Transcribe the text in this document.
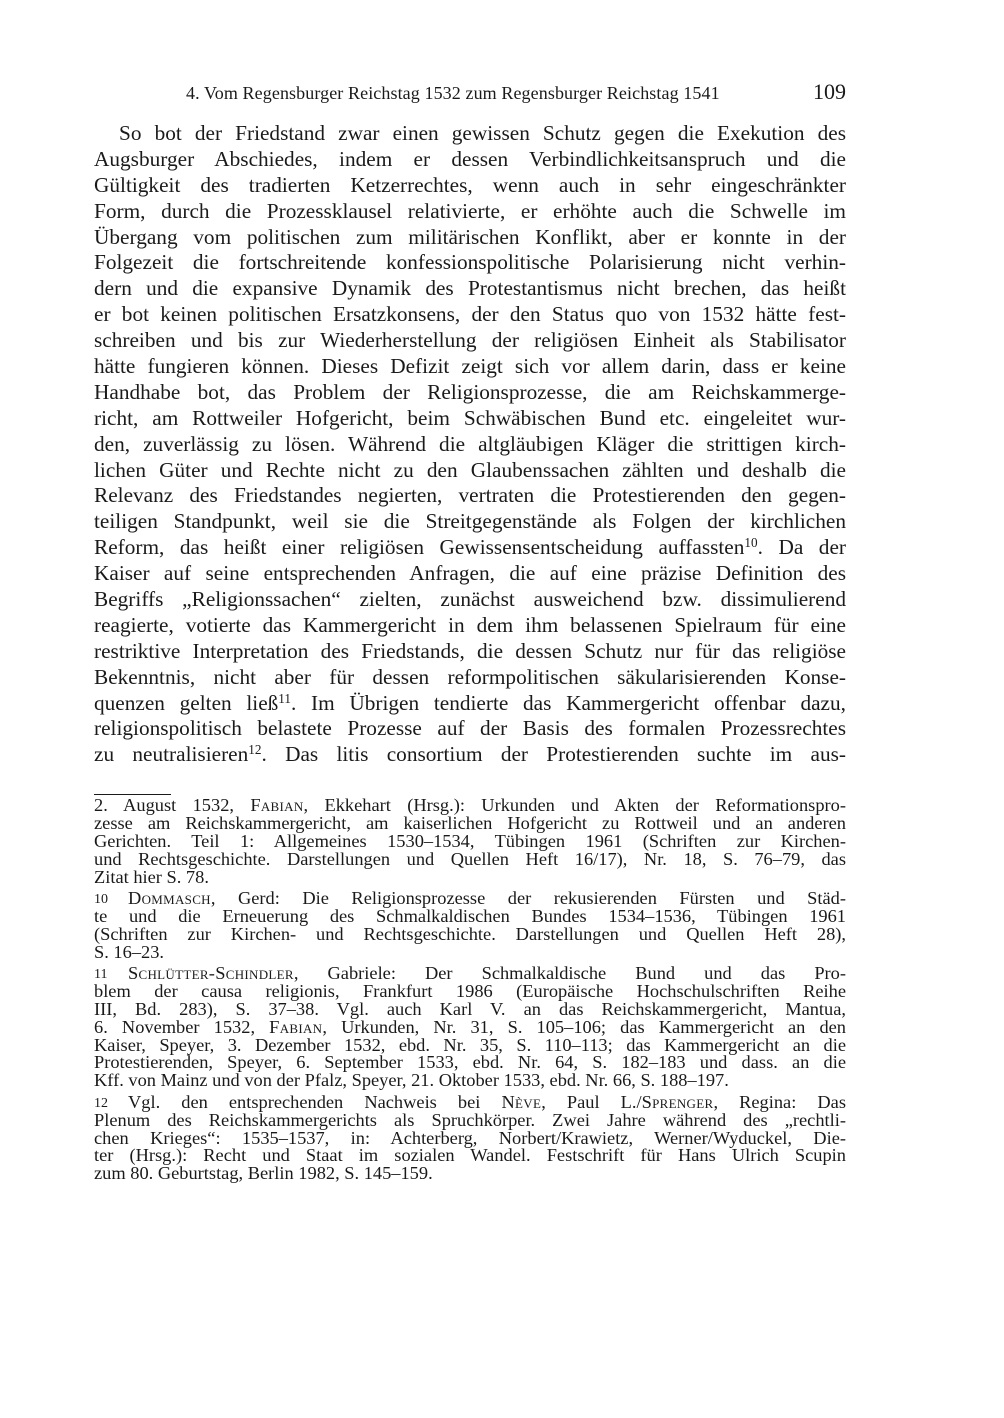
4. Vom Regensburger Reichstag 1532 zum Regensburger Reichstag 1541	109
So bot der Friedstand zwar einen gewissen Schutz gegen die Exekution des
Augsburger Abschiedes, indem er dessen Verbindlichkeitsanspruch und die
Gültigkeit des tradierten Ketzerrechtes, wenn auch in sehr eingeschränkter
Form, durch die Prozessklausel relativierte, er erhöhte auch die Schwelle im
Übergang vom politischen zum militärischen Konflikt, aber er konnte in der
Folgezeit die fortschreitende konfessionspolitische Polarisierung nicht verhin-
dern und die expansive Dynamik des Protestantismus nicht brechen, das heißt
er bot keinen politischen Ersatzkonsens, der den Status quo von 1532 hätte fest-
schreiben und bis zur Wiederherstellung der religiösen Einheit als Stabilisator
hätte fungieren können. Dieses Defizit zeigt sich vor allem darin, dass er keine
Handhabe bot, das Problem der Religionsprozesse, die am Reichskammerge-
richt, am Rottweiler Hofgericht, beim Schwäbischen Bund etc. eingeleitet wur-
den, zuverlässig zu lösen. Während die altgläubigen Kläger die strittigen kirch-
lichen Güter und Rechte nicht zu den Glaubenssachen zählten und deshalb die
Relevanz des Friedstandes negierten, vertraten die Protestierenden den gegen-
teiligen Standpunkt, weil sie die Streitgegenstände als Folgen der kirchlichen
Reform, das heißt einer religiösen Gewissensentscheidung auffassten$^{10}$. Da der
Kaiser auf seine entsprechenden Anfragen, die auf eine präzise Definition des
Begriffs „Religionssachen“ zielten, zunächst ausweichend bzw. dissimulierend
reagierte, votierte das Kammergericht in dem ihm belassenen Spielraum für eine
restriktive Interpretation des Friedstands, die dessen Schutz nur für das religiöse
Bekenntnis, nicht aber für dessen reformpolitischen säkularisierenden Konse-
quenzen gelten ließ$^{11}$. Im Übrigen tendierte das Kammergericht offenbar dazu,
religionspolitisch belastete Prozesse auf der Basis des formalen Prozessrechtes
zu neutralisieren$^{12}$. Das litis consortium der Protestierenden suchte im aus-
2. August 1532, Fabian, Ekkehart (Hrsg.): Urkunden und Akten der Reformationspro-
zesse am Reichskammergericht, am kaiserlichen Hofgericht zu Rottweil und an anderen
Gerichten. Teil 1: Allgemeines 1530–1534, Tübingen 1961 (Schriften zur Kirchen-
und Rechtsgeschichte. Darstellungen und Quellen Heft 16/17), Nr. 18, S. 76–79, das
Zitat hier S. 78.
10 Dommasch, Gerd: Die Religionsprozesse der rekusierenden Fürsten und Städ-
te und die Erneuerung des Schmalkaldischen Bundes 1534–1536, Tübingen 1961
(Schriften zur Kirchen- und Rechtsgeschichte. Darstellungen und Quellen Heft 28),
S. 16–23.
11 Schlütter-Schindler, Gabriele: Der Schmalkaldische Bund und das Pro-
blem der causa religionis, Frankfurt 1986 (Europäische Hochschulschriften Reihe
III, Bd. 283), S. 37–38. Vgl. auch Karl V. an das Reichskammergericht, Mantua,
6. November 1532, Fabian, Urkunden, Nr. 31, S. 105–106; das Kammergericht an den
Kaiser, Speyer, 3. Dezember 1532, ebd. Nr. 35, S. 110–113; das Kammergericht an die
Protestierenden, Speyer, 6. September 1533, ebd. Nr. 64, S. 182–183 und dass. an die
Kff. von Mainz und von der Pfalz, Speyer, 21. Oktober 1533, ebd. Nr. 66, S. 188–197.
12 Vgl. den entsprechenden Nachweis bei Nève, Paul L./Sprenger, Regina: Das
Plenum des Reichskammergerichts als Spruchkörper. Zwei Jahre während des „rechtli-
chen Krieges“: 1535–1537, in: Achterberg, Norbert/Krawietz, Werner/Wyduckel, Die-
ter (Hrsg.): Recht und Staat im sozialen Wandel. Festschrift für Hans Ulrich Scupin
zum 80. Geburtstag, Berlin 1982, S. 145–159.
